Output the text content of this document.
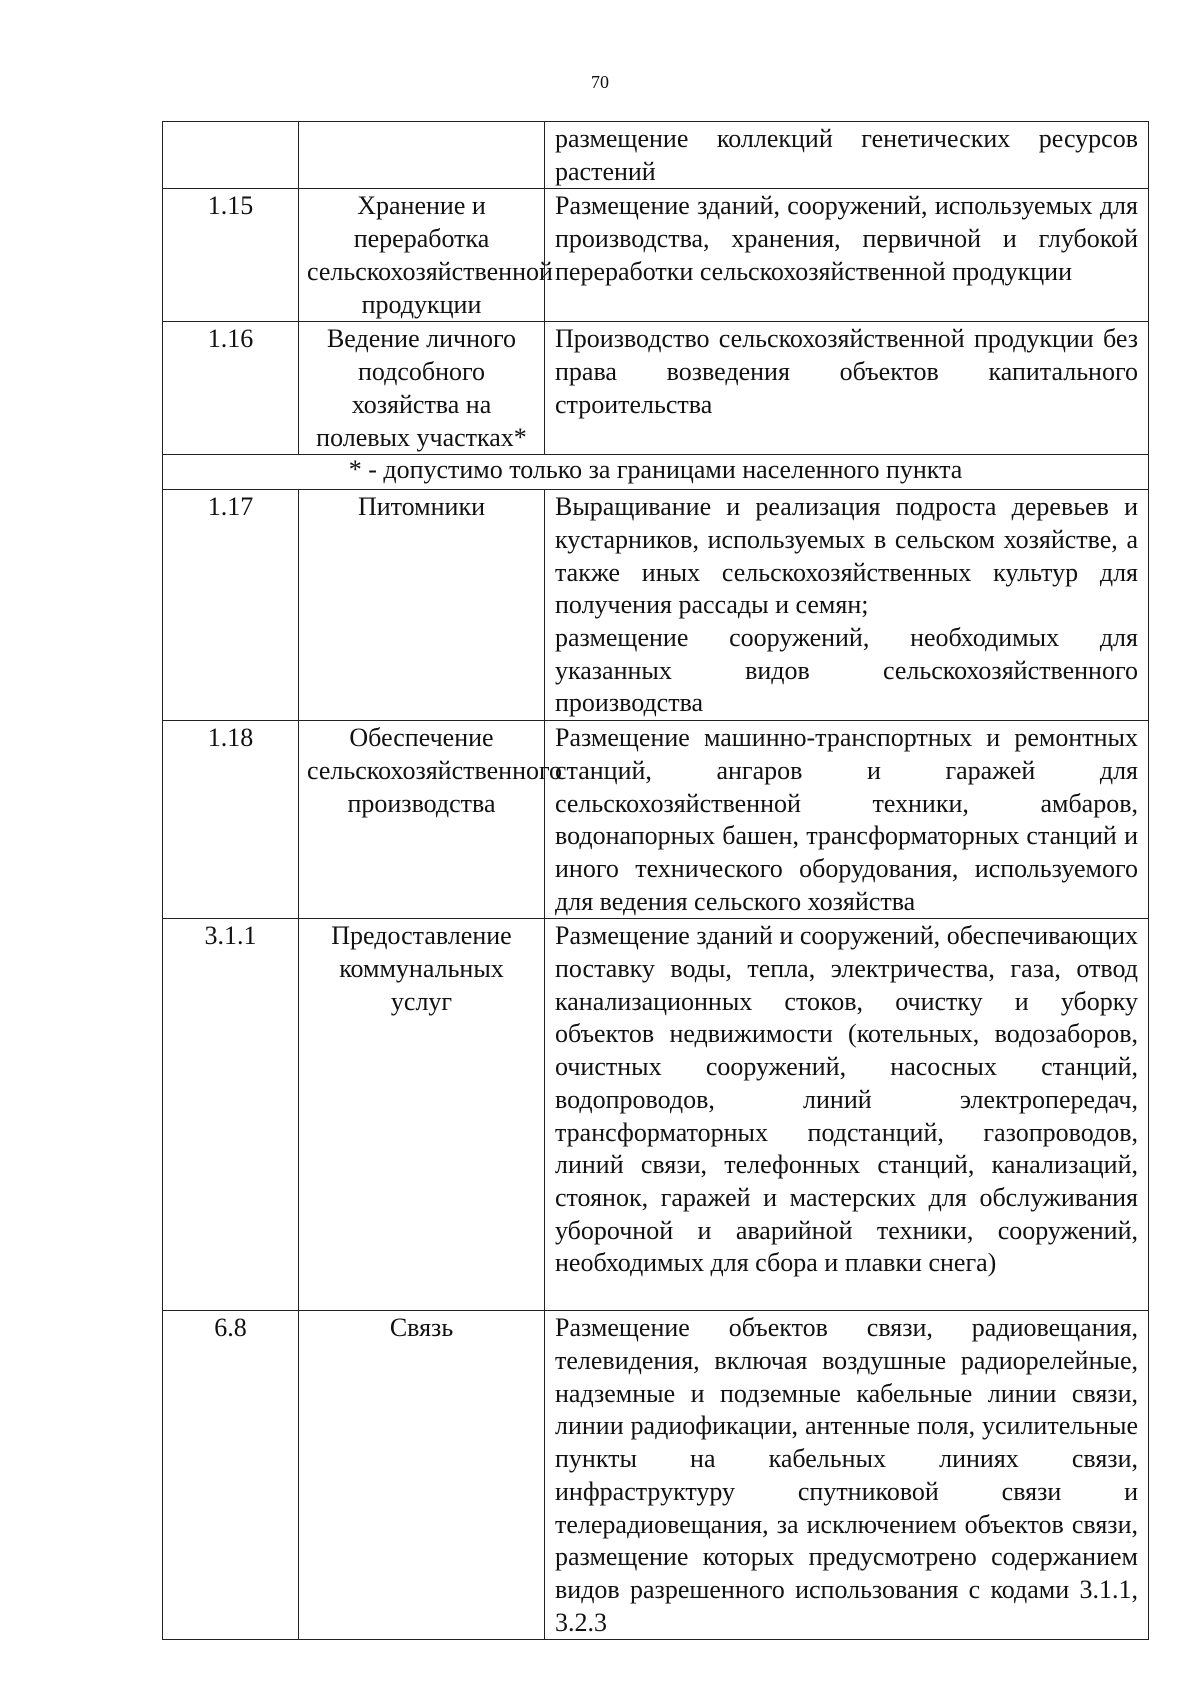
70
		размещение коллекций генетических ресурсов растений
1.15	Хранение и переработка сельскохозяйственной продукции	Размещение зданий, сооружений, используемых для производства, хранения, первичной и глубокой переработки сельскохозяйственной продукции
1.16	Ведение личного подсобного хозяйства на полевых участках*	Производство сельскохозяйственной продукции без права возведения объектов капитального строительства
* - допустимо только за границами населенного пункта		
1.17	Питомники	Выращивание и реализация подроста деревьев и кустарников, используемых в сельском хозяйстве, а также иных сельскохозяйственных культур для получения рассады и семян;
размещение сооружений, необходимых для указанных видов сельскохозяйственного производства

1.18	Обеспечение сельскохозяйственного производства	Размещение машинно-транспортных и ремонтных станций, ангаров и гаражей для сельскохозяйственной техники, амбаров, водонапорных башен, трансформаторных станций и иного технического оборудования, используемого для ведения сельского хозяйства
3.1.1	Предоставление коммунальных услуг	Размещение зданий и сооружений, обеспечивающих поставку воды, тепла, электричества, газа, отвод канализационных стоков, очистку и уборку объектов недвижимости (котельных, водозаборов, очистных сооружений, насосных станций, водопроводов, линий электропередач, трансформаторных подстанций, газопроводов, линий связи, телефонных станций, канализаций, стоянок, гаражей и мастерских для обслуживания уборочной и аварийной техники, сооружений, необходимых для сбора и плавки снега)
6.8	Связь	Размещение объектов связи, радиовещания, телевидения, включая воздушные радиорелейные, надземные и подземные кабельные линии связи, линии радиофикации, антенные поля, усилительные пункты на кабельных линиях связи, инфраструктуру спутниковой связи и телерадиовещания, за исключением объектов связи, размещение которых предусмотрено содержанием видов разрешенного использования с кодами 3.1.1, 3.2.3
